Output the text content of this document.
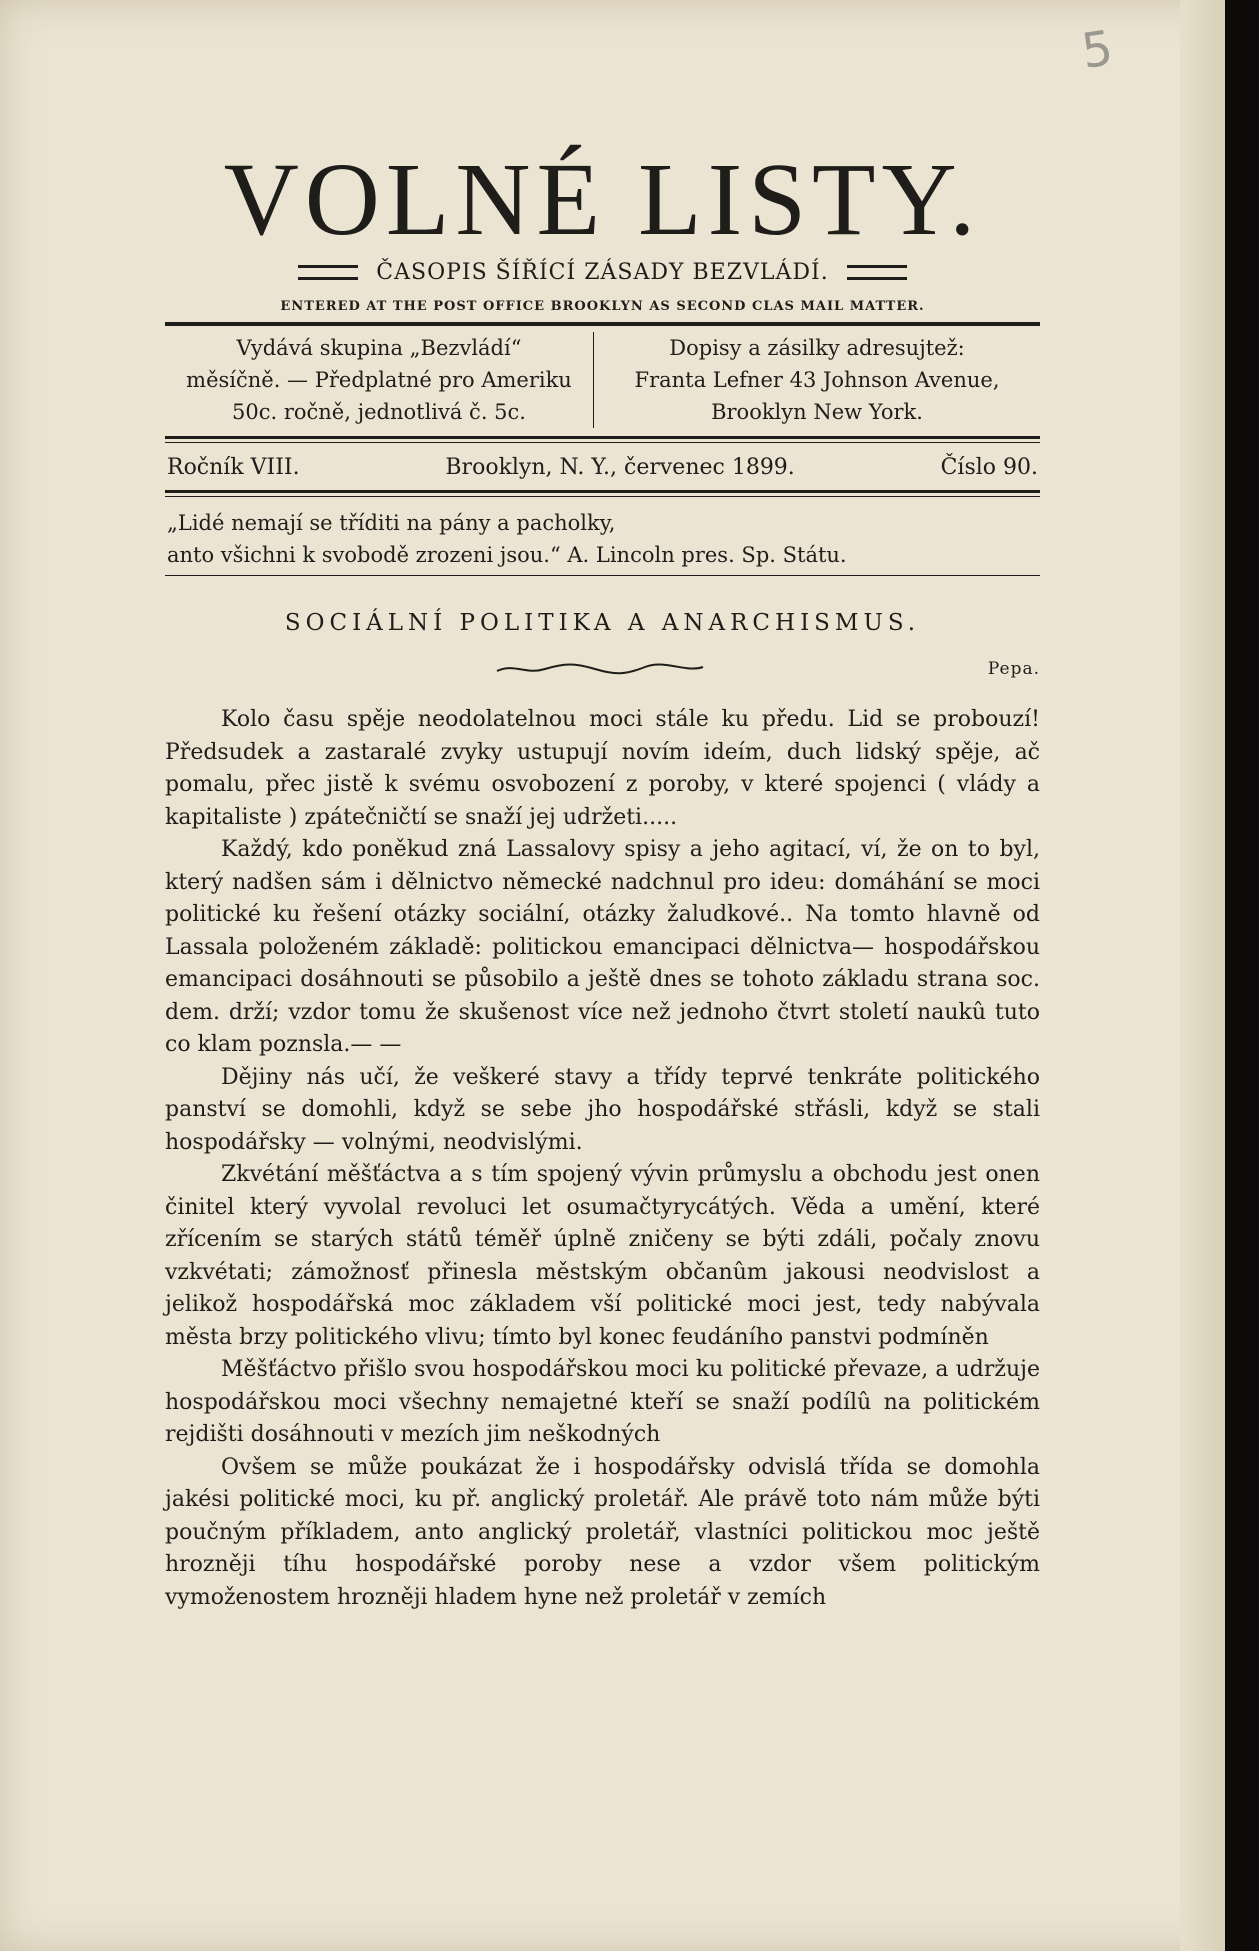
5
VOLNÉ LISTY.
ČASOPIS ŠÍŘÍCÍ ZÁSADY BEZVLÁDÍ.
ENTERED AT THE POST OFFICE BROOKLYN AS SECOND CLAS MAIL MATTER.
Vydává skupina „Bezvládí“
měsíčně. — Předplatné pro Ameriku
50c. ročně, jednotlivá č. 5c.
Dopisy a zásilky adresujtež:
Franta Lefner 43 Johnson Avenue,
Brooklyn New York.
Ročník VIII.	Brooklyn, N. Y., červenec 1899.	Číslo 90.
„Lidé nemají se tříditi na pány a pacholky,
anto všichni k svobodě zrozeni jsou.“ A. Lincoln pres. Sp. Státu.
SOCIÁLNÍ POLITIKA A ANARCHISMUS.
Pepa.

Kolo času spěje neodolatelnou moci stále ku předu. Lid se probouzí! Předsudek a zastaralé zvyky ustupují novím ideím, duch lidský spěje, ač pomalu, přec jistě k svému osvobození z poroby, v které spojenci ( vlády a kapitaliste ) zpátečničtí se snaží jej udržeti.....

Každý, kdo poněkud zná Lassalovy spisy a jeho agitací, ví, že on to byl, který nadšen sám i dělnictvo německé nadchnul pro ideu: domáhání se moci politické ku řešení otázky sociální, otázky žaludkové.. Na tomto hlavně od Lassala položeném základě: politickou emancipaci dělnictva— hospodářskou emancipaci dosáhnouti se působilo a ještě dnes se tohoto základu strana soc. dem. drží; vzdor tomu že skušenost více než jednoho čtvrt století naukû tuto co klam poznsla.— —

Dějiny nás učí, že veškeré stavy a třídy teprvé tenkráte politického panství se domohli, když se sebe jho hospodářské střásli, když se stali hospodářsky — volnými, neodvislými.

Zkvétání měšťáctva a s tím spojený vývin průmyslu a obchodu jest onen činitel který vyvolal revoluci let osumačtyrycátých. Věda a umění, které zřícením se starých států téměř úplně zničeny se býti zdáli, počaly znovu vzkvétati; zámožnosť přinesla městským občanûm jakousi neodvislost a jelikož hospodářská moc základem vší politické moci jest, tedy nabývala města brzy politického vlivu; tímto byl konec feudáního panstvi podmíněn

Měšťáctvo přišlo svou hospodářskou moci ku politické převaze, a udržuje hospodářskou moci všechny nemajetné kteří se snaží podílû na politickém rejdišti dosáhnouti v mezích jim neškodných

Ovšem se může poukázat že i hospodářsky odvislá třída se domohla jakési politické moci, ku př. anglický proletář. Ale právě toto nám může býti poučným příkladem, anto anglický proletář, vlastníci politickou moc ještě hrozněji tíhu hospodářské poroby nese a vzdor všem politickým vymoženostem hrozněji hladem hyne než proletář v zemích
